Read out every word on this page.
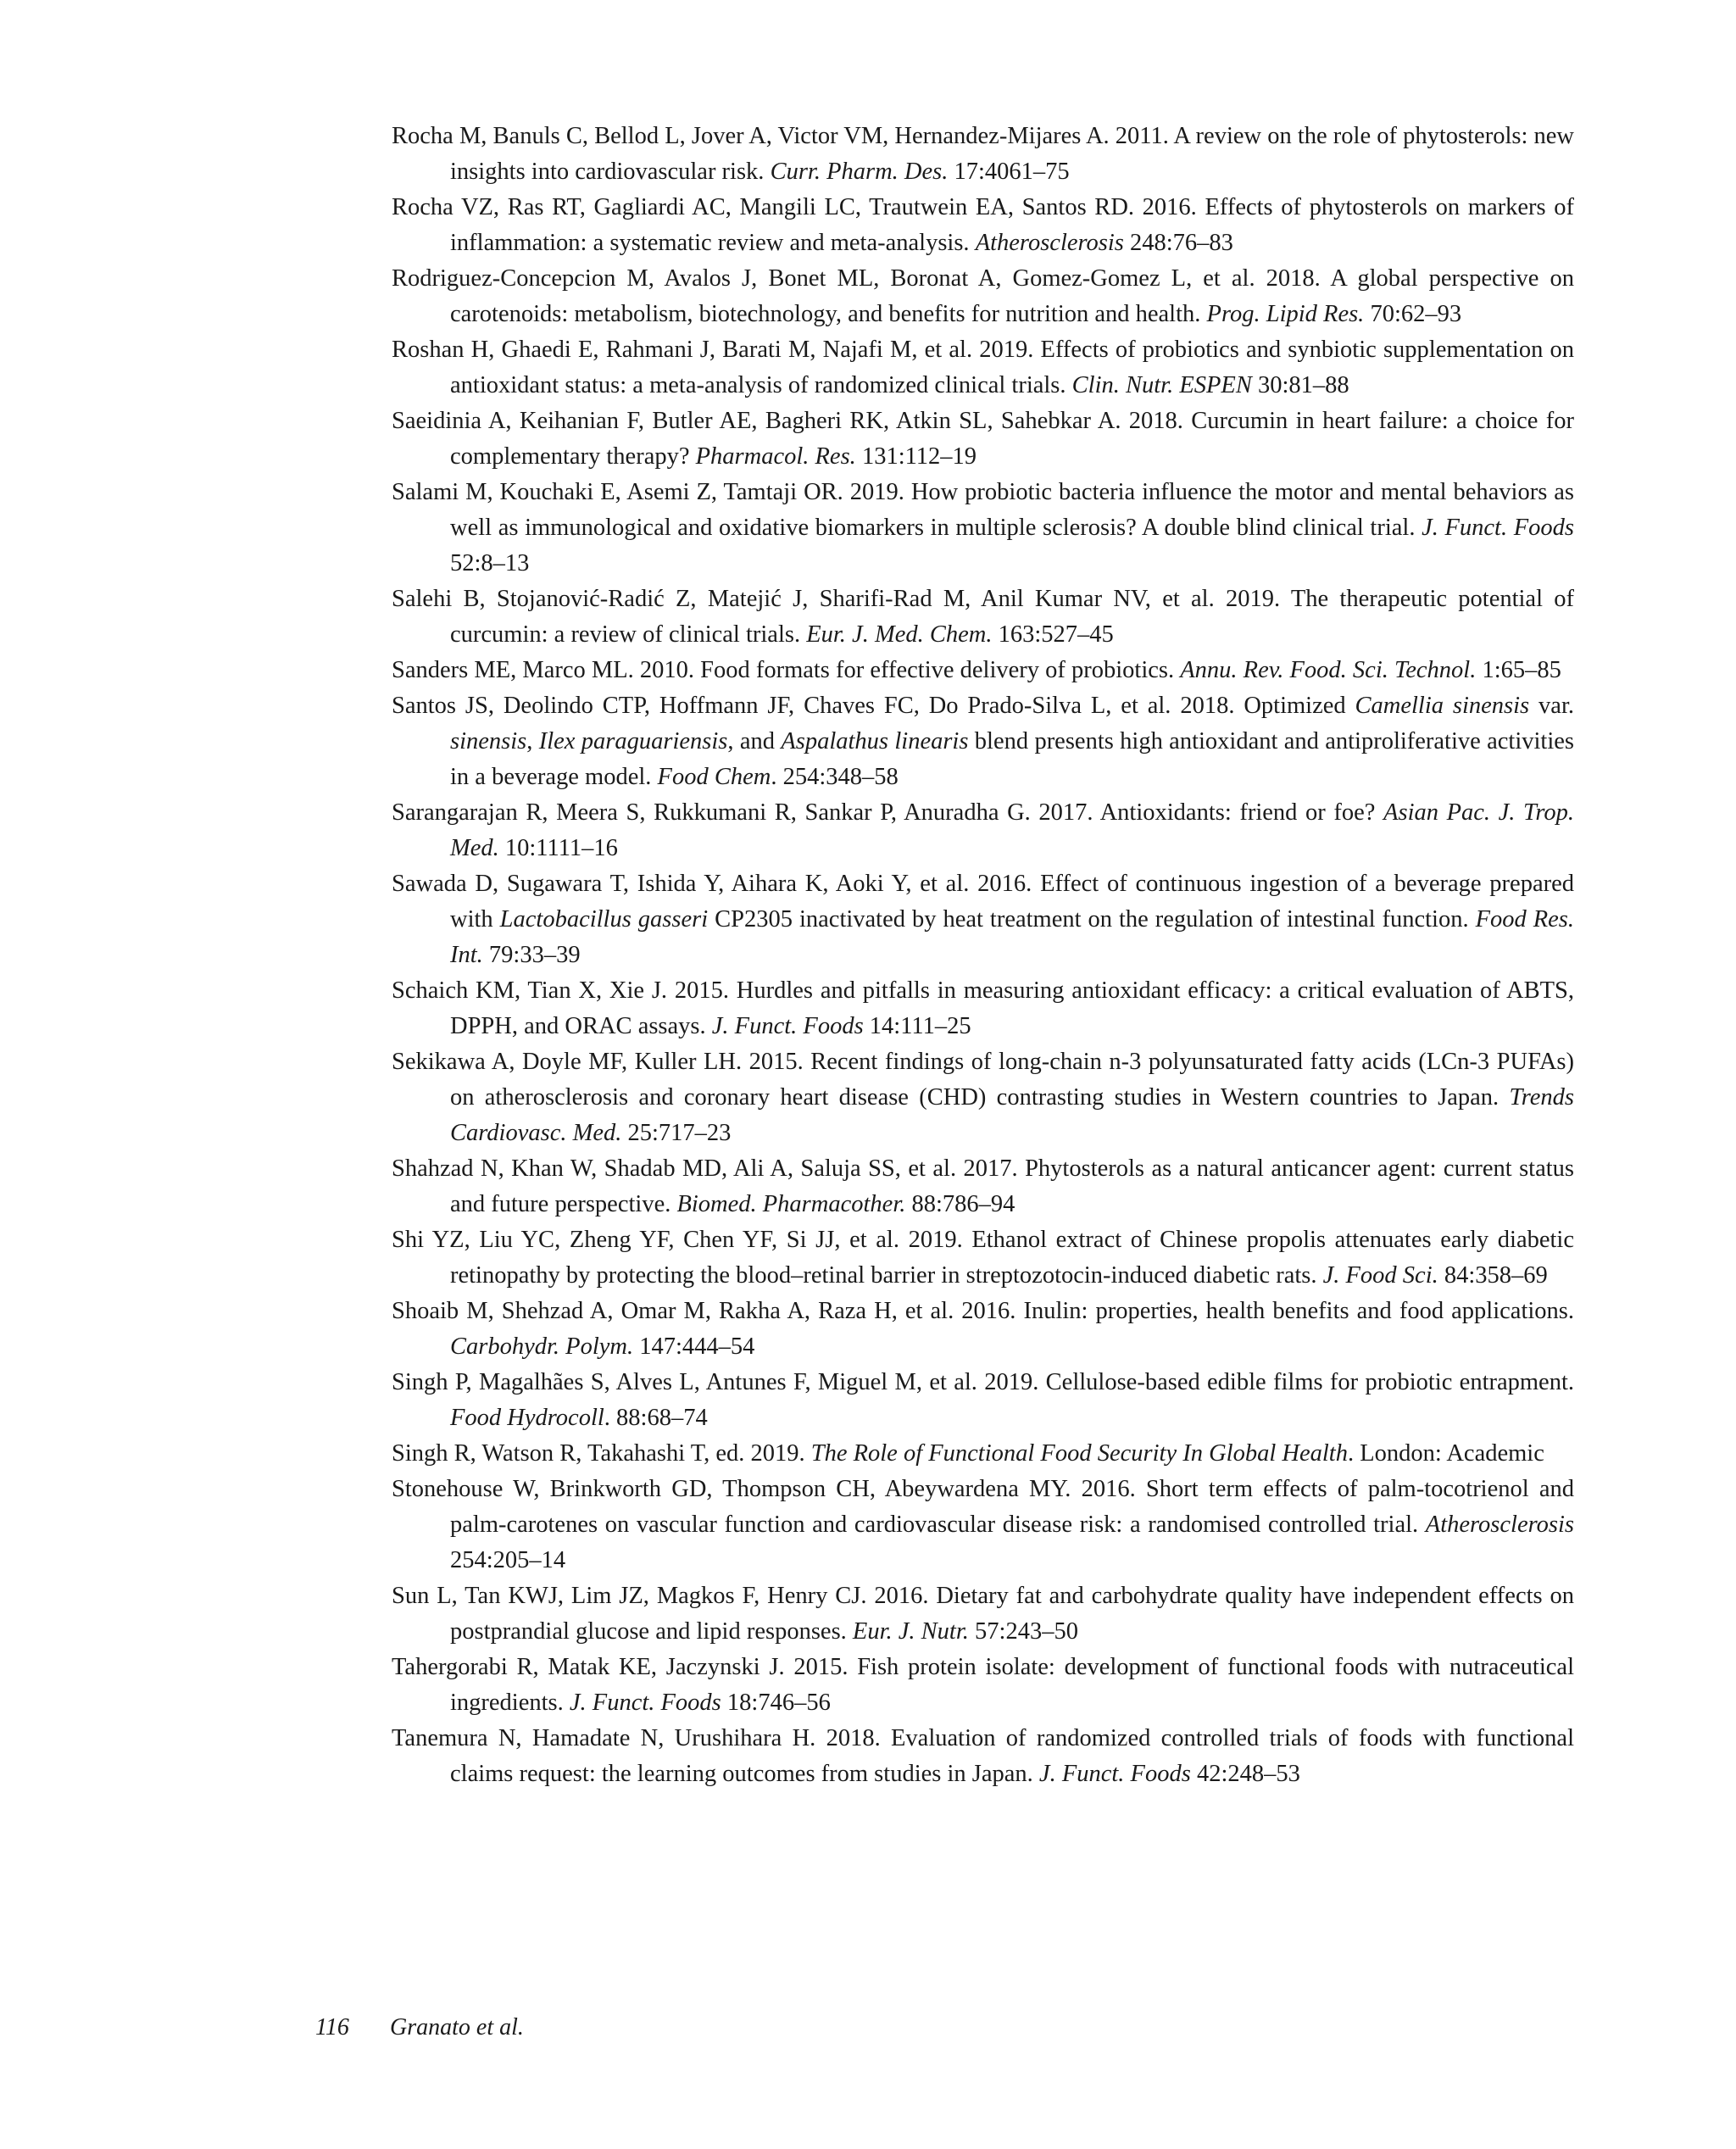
Rocha M, Banuls C, Bellod L, Jover A, Victor VM, Hernandez-Mijares A. 2011. A review on the role of phytosterols: new insights into cardiovascular risk. Curr. Pharm. Des. 17:4061–75
Rocha VZ, Ras RT, Gagliardi AC, Mangili LC, Trautwein EA, Santos RD. 2016. Effects of phytosterols on markers of inflammation: a systematic review and meta-analysis. Atherosclerosis 248:76–83
Rodriguez-Concepcion M, Avalos J, Bonet ML, Boronat A, Gomez-Gomez L, et al. 2018. A global perspective on carotenoids: metabolism, biotechnology, and benefits for nutrition and health. Prog. Lipid Res. 70:62–93
Roshan H, Ghaedi E, Rahmani J, Barati M, Najafi M, et al. 2019. Effects of probiotics and synbiotic supplementation on antioxidant status: a meta-analysis of randomized clinical trials. Clin. Nutr. ESPEN 30:81–88
Saeidinia A, Keihanian F, Butler AE, Bagheri RK, Atkin SL, Sahebkar A. 2018. Curcumin in heart failure: a choice for complementary therapy? Pharmacol. Res. 131:112–19
Salami M, Kouchaki E, Asemi Z, Tamtaji OR. 2019. How probiotic bacteria influence the motor and mental behaviors as well as immunological and oxidative biomarkers in multiple sclerosis? A double blind clinical trial. J. Funct. Foods 52:8–13
Salehi B, Stojanović-Radić Z, Matejić J, Sharifi-Rad M, Anil Kumar NV, et al. 2019. The therapeutic potential of curcumin: a review of clinical trials. Eur. J. Med. Chem. 163:527–45
Sanders ME, Marco ML. 2010. Food formats for effective delivery of probiotics. Annu. Rev. Food. Sci. Technol. 1:65–85
Santos JS, Deolindo CTP, Hoffmann JF, Chaves FC, Do Prado-Silva L, et al. 2018. Optimized Camellia sinensis var. sinensis, Ilex paraguariensis, and Aspalathus linearis blend presents high antioxidant and antiproliferative activities in a beverage model. Food Chem. 254:348–58
Sarangarajan R, Meera S, Rukkumani R, Sankar P, Anuradha G. 2017. Antioxidants: friend or foe? Asian Pac. J. Trop. Med. 10:1111–16
Sawada D, Sugawara T, Ishida Y, Aihara K, Aoki Y, et al. 2016. Effect of continuous ingestion of a beverage prepared with Lactobacillus gasseri CP2305 inactivated by heat treatment on the regulation of intestinal function. Food Res. Int. 79:33–39
Schaich KM, Tian X, Xie J. 2015. Hurdles and pitfalls in measuring antioxidant efficacy: a critical evaluation of ABTS, DPPH, and ORAC assays. J. Funct. Foods 14:111–25
Sekikawa A, Doyle MF, Kuller LH. 2015. Recent findings of long-chain n-3 polyunsaturated fatty acids (LCn-3 PUFAs) on atherosclerosis and coronary heart disease (CHD) contrasting studies in Western countries to Japan. Trends Cardiovasc. Med. 25:717–23
Shahzad N, Khan W, Shadab MD, Ali A, Saluja SS, et al. 2017. Phytosterols as a natural anticancer agent: current status and future perspective. Biomed. Pharmacother. 88:786–94
Shi YZ, Liu YC, Zheng YF, Chen YF, Si JJ, et al. 2019. Ethanol extract of Chinese propolis attenuates early diabetic retinopathy by protecting the blood–retinal barrier in streptozotocin-induced diabetic rats. J. Food Sci. 84:358–69
Shoaib M, Shehzad A, Omar M, Rakha A, Raza H, et al. 2016. Inulin: properties, health benefits and food applications. Carbohydr. Polym. 147:444–54
Singh P, Magalhães S, Alves L, Antunes F, Miguel M, et al. 2019. Cellulose-based edible films for probiotic entrapment. Food Hydrocoll. 88:68–74
Singh R, Watson R, Takahashi T, ed. 2019. The Role of Functional Food Security In Global Health. London: Academic
Stonehouse W, Brinkworth GD, Thompson CH, Abeywardena MY. 2016. Short term effects of palm-tocotrienol and palm-carotenes on vascular function and cardiovascular disease risk: a randomised controlled trial. Atherosclerosis 254:205–14
Sun L, Tan KWJ, Lim JZ, Magkos F, Henry CJ. 2016. Dietary fat and carbohydrate quality have independent effects on postprandial glucose and lipid responses. Eur. J. Nutr. 57:243–50
Tahergorabi R, Matak KE, Jaczynski J. 2015. Fish protein isolate: development of functional foods with nutraceutical ingredients. J. Funct. Foods 18:746–56
Tanemura N, Hamadate N, Urushihara H. 2018. Evaluation of randomized controlled trials of foods with functional claims request: the learning outcomes from studies in Japan. J. Funct. Foods 42:248–53
116 Granato et al.
